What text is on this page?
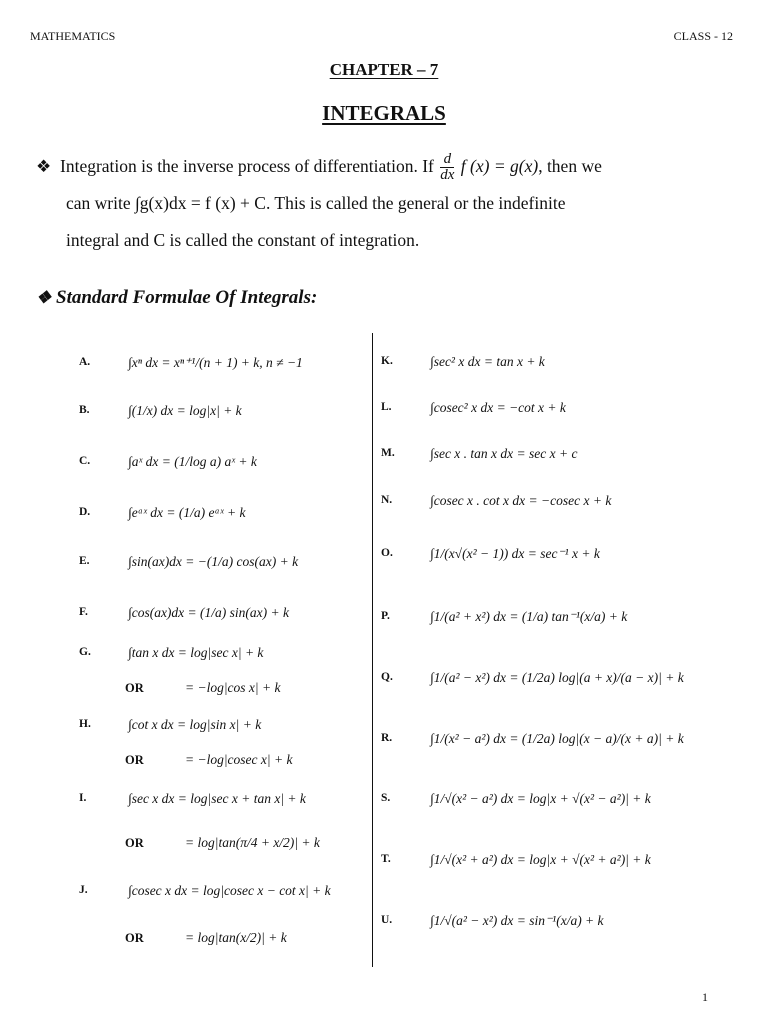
MATHEMATICS	CLASS - 12
CHAPTER – 7
INTEGRALS
❖ Integration is the inverse process of differentiation. If $\frac{d}{dx}$ f (x) = g(x), then we
can write ∫g(x)dx = f (x) + C. This is called the general or the indefinite
integral and C is called the constant of integration.
❖ Standard Formulae Of Integrals:
A.	∫xⁿ dx = xⁿ⁺¹/(n + 1) + k, n ≠ −1
B.	∫(1/x) dx = log|x| + k
C.	∫aˣ dx = (1/log a) aˣ + k
D.	∫eᵃˣ dx = (1/a) eᵃˣ + k
E.	∫sin(ax)dx = −(1/a) cos(ax) + k
F.	∫cos(ax)dx = (1/a) sin(ax) + k
G.	∫tan x dx = log|sec x| + k
OR	= −log|cos x| + k
H.	∫cot x dx = log|sin x| + k
OR	= −log|cosec x| + k
I.	∫sec x dx = log|sec x + tan x| + k
OR	= log|tan(π/4 + x/2)| + k
J.	∫cosec x dx = log|cosec x − cot x| + k
OR	= log|tan(x/2)| + k
K.	∫sec² x dx = tan x + k
L.	∫cosec² x dx = −cot x + k
M.	∫sec x . tan x dx = sec x + c
N.	∫cosec x . cot x dx = −cosec x + k
O.	∫1/(x√(x² − 1)) dx = sec⁻¹ x + k
P.	∫1/(a² + x²) dx = (1/a) tan⁻¹(x/a) + k
Q.	∫1/(a² − x²) dx = (1/2a) log|(a + x)/(a − x)| + k
R.	∫1/(x² − a²) dx = (1/2a) log|(x − a)/(x + a)| + k
S.	∫1/√(x² − a²) dx = log|x + √(x² − a²)| + k
T.	∫1/√(x² + a²) dx = log|x + √(x² + a²)| + k
U.	∫1/√(a² − x²) dx = sin⁻¹(x/a) + k
1
